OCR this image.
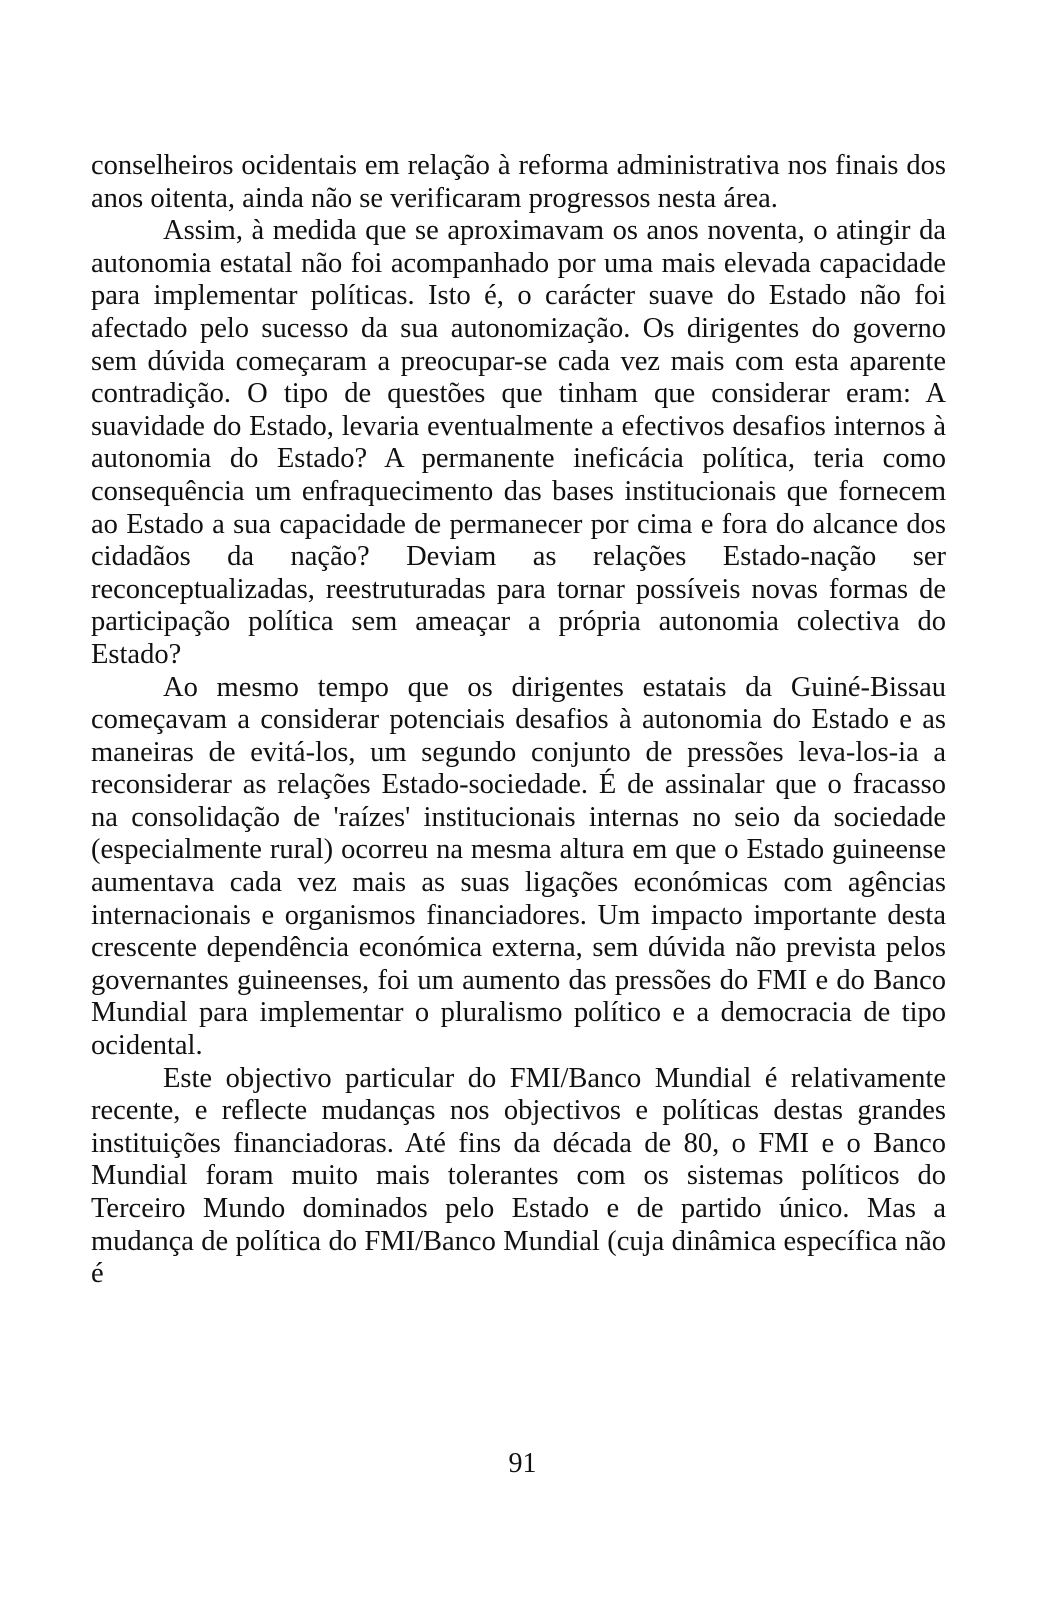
conselheiros ocidentais em relação à reforma administrativa nos finais dos anos oitenta, ainda não se verificaram progressos nesta área.

Assim, à medida que se aproximavam os anos noventa, o atingir da autonomia estatal não foi acompanhado por uma mais elevada capacidade para implementar políticas. Isto é, o carácter suave do Estado não foi afectado pelo sucesso da sua autonomização. Os dirigentes do governo sem dúvida começaram a preocupar-se cada vez mais com esta aparente contradição. O tipo de questões que tinham que considerar eram: A suavidade do Estado, levaria eventualmente a efectivos desafios internos à autonomia do Estado? A permanente ineficácia política, teria como consequência um enfraquecimento das bases institucionais que fornecem ao Estado a sua capacidade de permanecer por cima e fora do alcance dos cidadãos da nação? Deviam as relações Estado-nação ser reconceptualizadas, reestruturadas para tornar possíveis novas formas de participação política sem ameaçar a própria autonomia colectiva do Estado?

Ao mesmo tempo que os dirigentes estatais da Guiné-Bissau começavam a considerar potenciais desafios à autonomia do Estado e as maneiras de evitá-los, um segundo conjunto de pressões leva-los-ia a reconsiderar as relações Estado-sociedade. É de assinalar que o fracasso na consolidação de 'raízes' institucionais internas no seio da sociedade (especialmente rural) ocorreu na mesma altura em que o Estado guineense aumentava cada vez mais as suas ligações económicas com agências internacionais e organismos financiadores. Um impacto importante desta crescente dependência económica externa, sem dúvida não prevista pelos governantes guineenses, foi um aumento das pressões do FMI e do Banco Mundial para implementar o pluralismo político e a democracia de tipo ocidental.

Este objectivo particular do FMI/Banco Mundial é relativamente recente, e reflecte mudanças nos objectivos e políticas destas grandes instituições financiadoras. Até fins da década de 80, o FMI e o Banco Mundial foram muito mais tolerantes com os sistemas políticos do Terceiro Mundo dominados pelo Estado e de partido único. Mas a mudança de política do FMI/Banco Mundial (cuja dinâmica específica não é

91
